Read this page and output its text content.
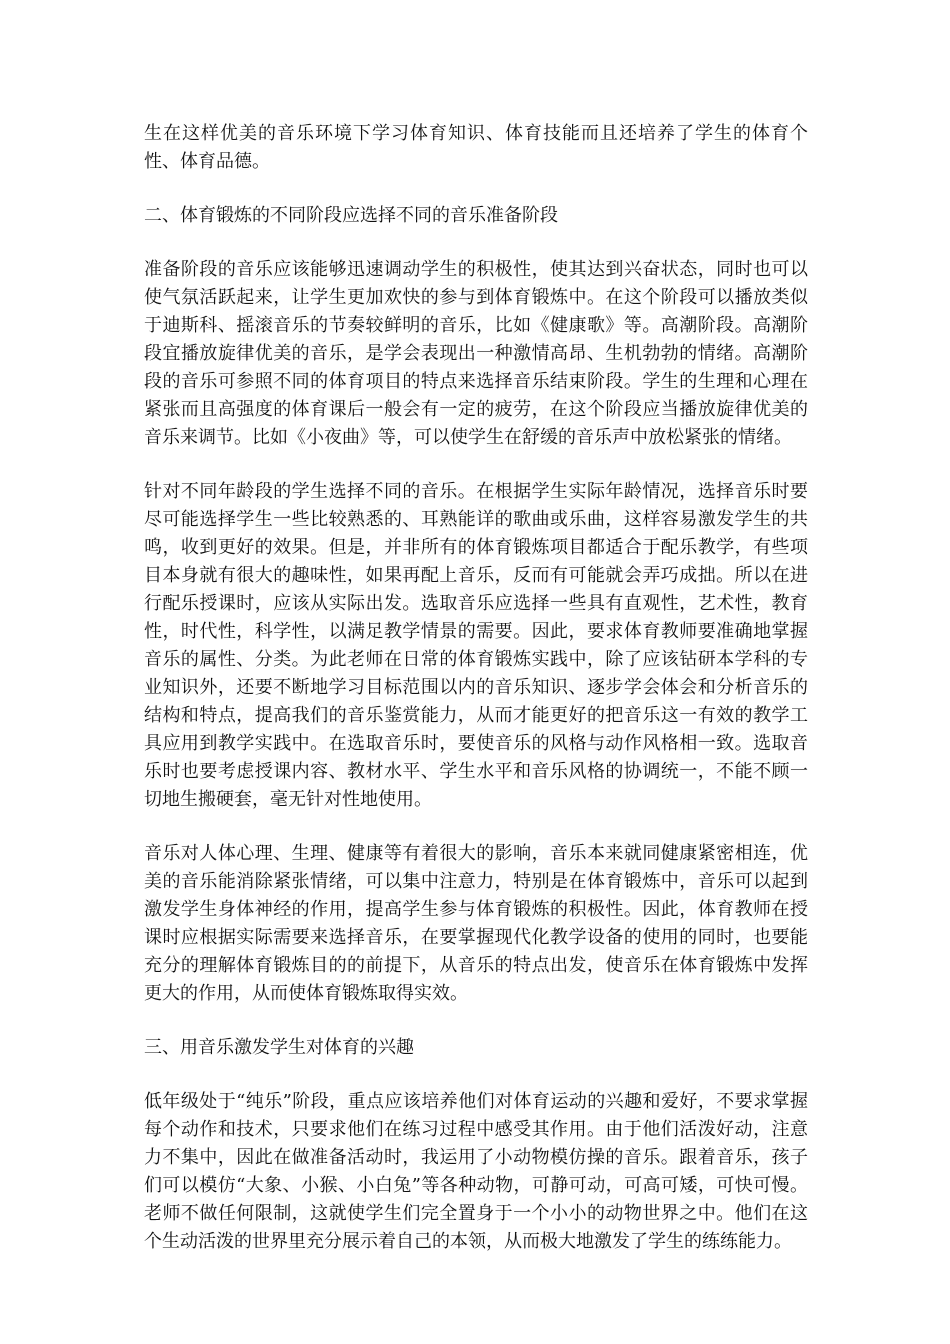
生在这样优美的音乐环境下学习体育知识、体育技能而且还培养了学生的体育个性、体育品德。

二、体育锻炼的不同阶段应选择不同的音乐准备阶段

准备阶段的音乐应该能够迅速调动学生的积极性，使其达到兴奋状态，同时也可以使气氛活跃起来，让学生更加欢快的参与到体育锻炼中。在这个阶段可以播放类似于迪斯科、摇滚音乐的节奏较鲜明的音乐，比如《健康歌》等。高潮阶段。高潮阶段宜播放旋律优美的音乐，是学会表现出一种激情高昂、生机勃勃的情绪。高潮阶段的音乐可参照不同的体育项目的特点来选择音乐结束阶段。学生的生理和心理在紧张而且高强度的体育课后一般会有一定的疲劳，在这个阶段应当播放旋律优美的音乐来调节。比如《小夜曲》等，可以使学生在舒缓的音乐声中放松紧张的情绪。

针对不同年龄段的学生选择不同的音乐。在根据学生实际年龄情况，选择音乐时要尽可能选择学生一些比较熟悉的、耳熟能详的歌曲或乐曲，这样容易激发学生的共鸣，收到更好的效果。但是，并非所有的体育锻炼项目都适合于配乐教学，有些项目本身就有很大的趣味性，如果再配上音乐，反而有可能就会弄巧成拙。所以在进行配乐授课时，应该从实际出发。选取音乐应选择一些具有直观性，艺术性，教育性，时代性，科学性，以满足教学情景的需要。因此，要求体育教师要准确地掌握音乐的属性、分类。为此老师在日常的体育锻炼实践中，除了应该钻研本学科的专业知识外，还要不断地学习目标范围以内的音乐知识、逐步学会体会和分析音乐的结构和特点，提高我们的音乐鉴赏能力，从而才能更好的把音乐这一有效的教学工具应用到教学实践中。在选取音乐时，要使音乐的风格与动作风格相一致。选取音乐时也要考虑授课内容、教材水平、学生水平和音乐风格的协调统一，不能不顾一切地生搬硬套，毫无针对性地使用。

音乐对人体心理、生理、健康等有着很大的影响，音乐本来就同健康紧密相连，优美的音乐能消除紧张情绪，可以集中注意力，特别是在体育锻炼中，音乐可以起到激发学生身体神经的作用，提高学生参与体育锻炼的积极性。因此，体育教师在授课时应根据实际需要来选择音乐，在要掌握现代化教学设备的使用的同时，也要能充分的理解体育锻炼目的的前提下，从音乐的特点出发，使音乐在体育锻炼中发挥更大的作用，从而使体育锻炼取得实效。

三、用音乐激发学生对体育的兴趣

低年级处于“纯乐”阶段，重点应该培养他们对体育运动的兴趣和爱好，不要求掌握每个动作和技术，只要求他们在练习过程中感受其作用。由于他们活泼好动，注意力不集中，因此在做准备活动时，我运用了小动物模仿操的音乐。跟着音乐，孩子们可以模仿“大象、小猴、小白兔”等各种动物，可静可动，可高可矮，可快可慢。老师不做任何限制，这就使学生们完全置身于一个小小的动物世界之中。他们在这个生动活泼的世界里充分展示着自己的本领，从而极大地激发了学生的练练能力。
